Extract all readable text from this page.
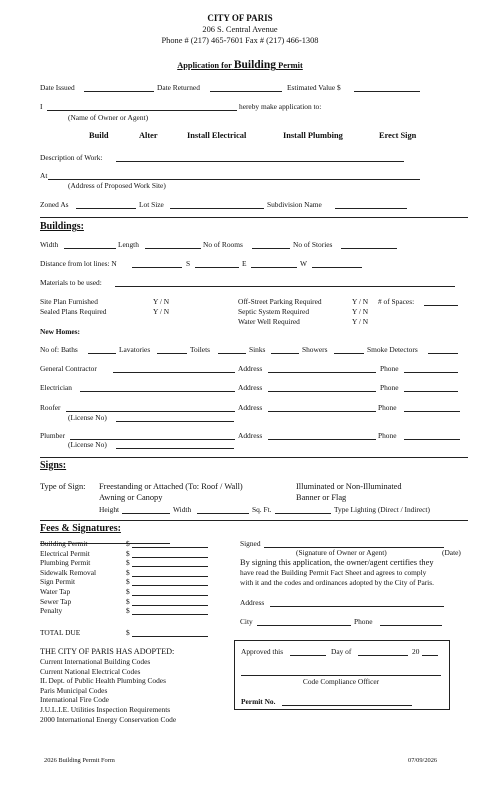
CITY OF PARIS
206 S. Central Avenue
Phone # (217) 465-7601 Fax # (217) 466-1308
Application for Building Permit
Date Issued	Date Returned	Estimated Value $
I	hereby make application to:
(Name of Owner or Agent)
Build	Alter	Install Electrical	Install Plumbing	Erect Sign
Description of Work:
At
(Address of Proposed Work Site)
Zoned As	Lot Size	Subdivision Name
Buildings:
Width	Length	No of Rooms	No of Stories
Distance from lot lines: N	S	E	W
Materials to be used:
Site Plan Furnished	Y / N
Sealed Plans Required	Y / N
Off-Street Parking Required	Y / N # of Spaces:
Septic System Required	Y / N
Water Well Required	Y / N
New Homes:
No of: Baths	Lavatories	Toilets	Sinks	Showers	Smoke Detectors
General Contractor	Address	Phone
Electrician	Address	Phone
Roofer	Address	Phone
(License No)
Plumber	Address	Phone
(License No)
Signs:
Type of Sign: Freestanding or Attached (To: Roof / Wall)
Awning or Canopy
Illuminated or Non-Illuminated
Banner or Flag
Height	Width	Sq. Ft.	Type Lighting (Direct / Indirect)
Fees & Signatures:
Building Permit	$
Electrical Permit	$
Plumbing Permit	$
Sidewalk Removal	$
Sign Permit	$
Water Tap	$
Sewer Tap	$
Penalty	$
TOTAL DUE	$
Signed
(Signature of Owner or Agent)	(Date)
By signing this application, the owner/agent certifies they
have read the Building Permit Fact Sheet and agrees to comply
with it and the codes and ordinances adopted by the City of Paris.
Address
City	Phone
THE CITY OF PARIS HAS ADOPTED:
Current International Building Codes
Current National Electrical Codes
IL Dept. of Public Health Plumbing Codes
Paris Municipal Codes
International Fire Code
J.U.L.I.E. Utilities Inspection Requirements
2000 International Energy Conservation Code
Approved this	Day of	20
Code Compliance Officer
Permit No.
2026 Building Permit Form	07/09/2026
